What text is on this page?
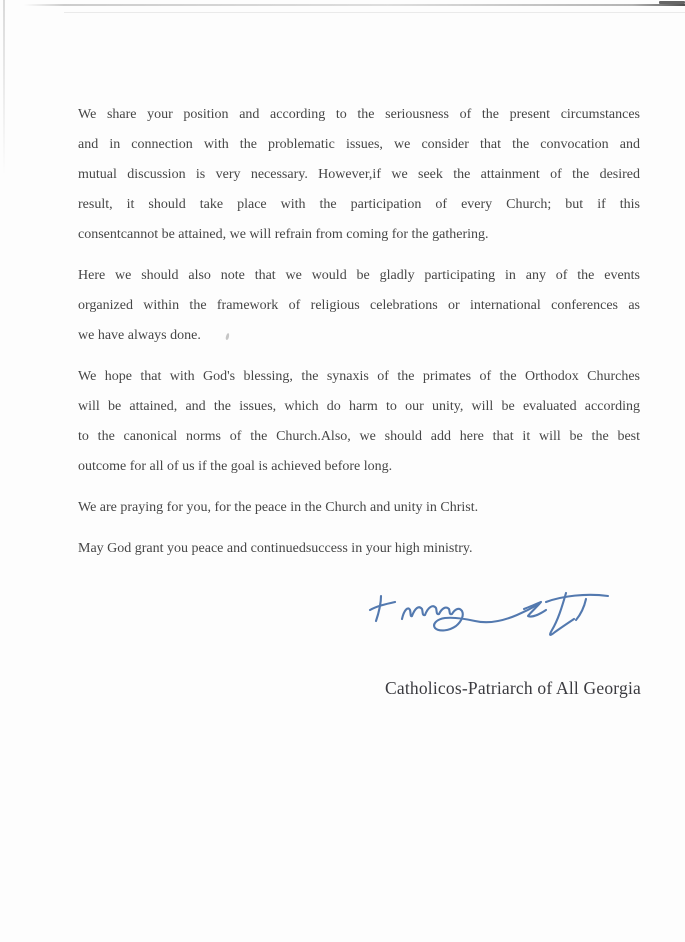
We share your position and according to the seriousness of the present circumstances
and in connection with the problematic issues, we consider that the convocation and
mutual discussion is very necessary. However,if we seek the attainment of the desired
result, it should take place with the participation of every Church; but if this
consentcannot be attained, we will refrain from coming for the gathering.
Here we should also note that we would be gladly participating in any of the events
organized within the framework of religious celebrations or international conferences as
we have always done.
We hope that with God's blessing, the synaxis of the primates of the Orthodox Churches
will be attained, and the issues, which do harm to our unity, will be evaluated according
to the canonical norms of the Church.Also, we should add here that it will be the best
outcome for all of us if the goal is achieved before long.
We are praying for you, for the peace in the Church and unity in Christ.
May God grant you peace and continuedsuccess in your high ministry.
Catholicos-Patriarch of All Georgia
